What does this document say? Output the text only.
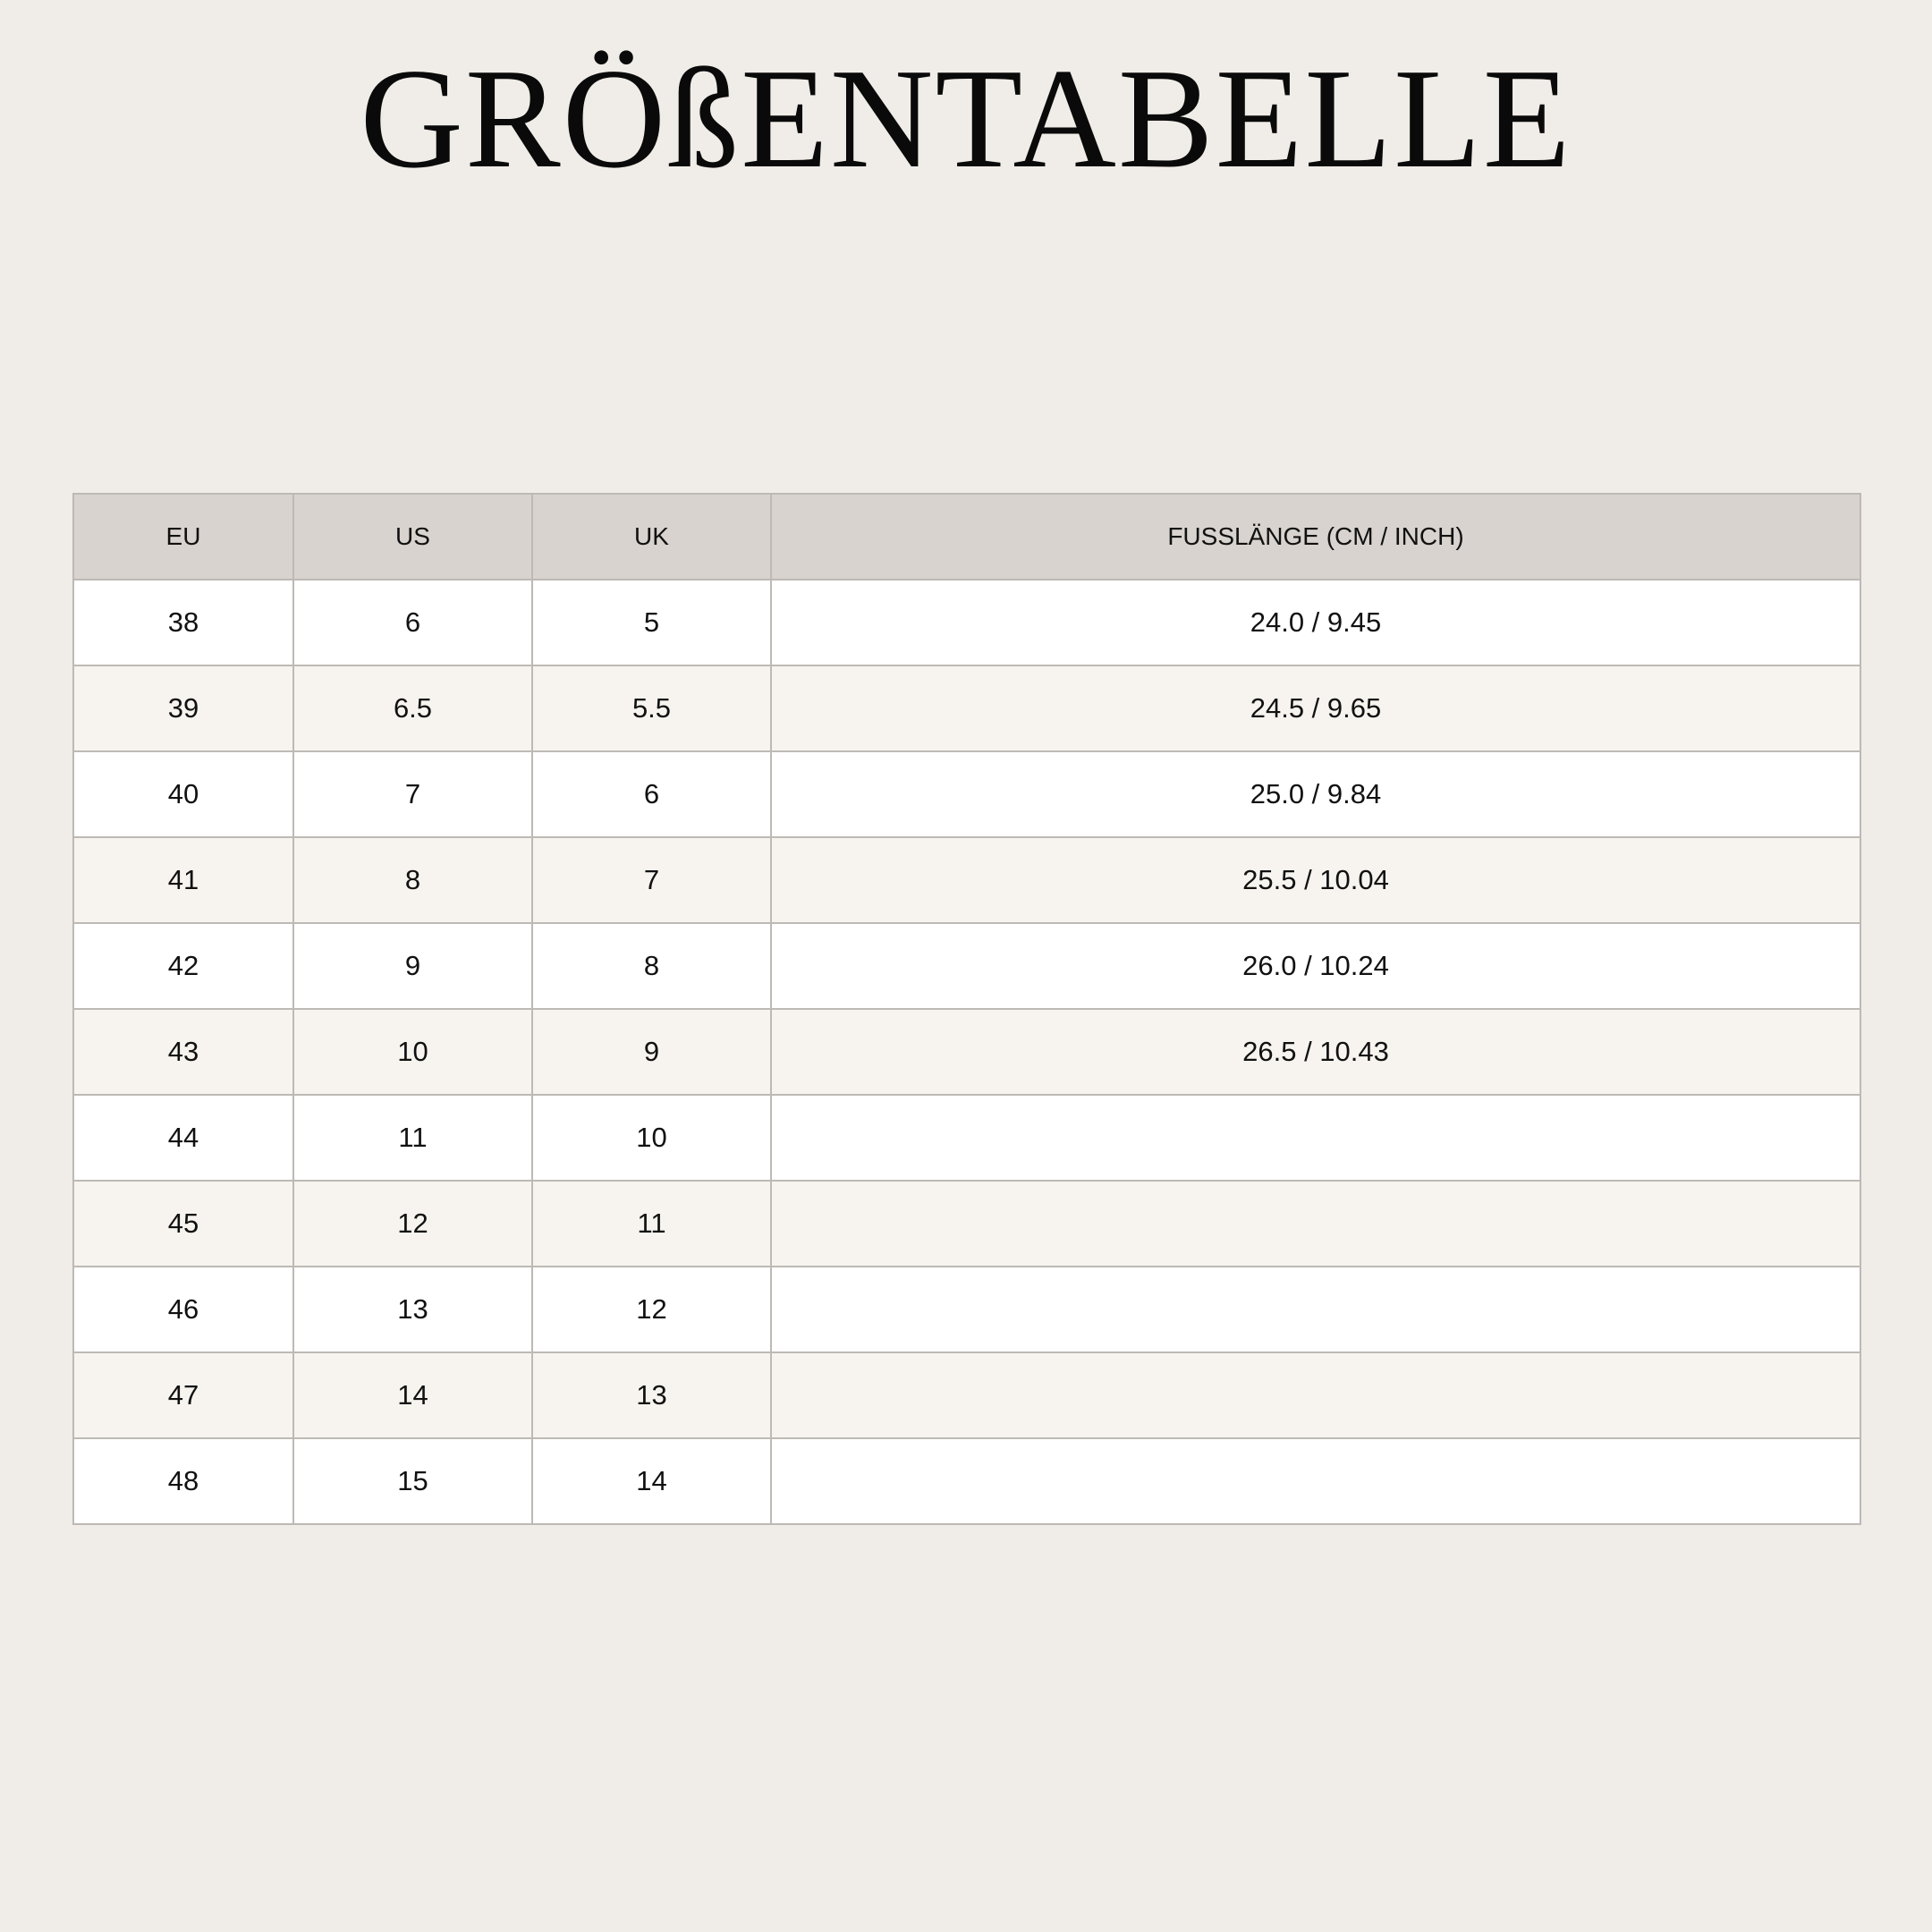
GRÖßENTABELLE
EU	US	UK	FUSSLÄNGE (CM / INCH)
38	6	5	24.0 / 9.45
39	6.5	5.5	24.5 / 9.65
40	7	6	25.0 / 9.84
41	8	7	25.5 / 10.04
42	9	8	26.0 / 10.24
43	10	9	26.5 / 10.43
44	11	10	
45	12	11	
46	13	12	
47	14	13	
48	15	14	
